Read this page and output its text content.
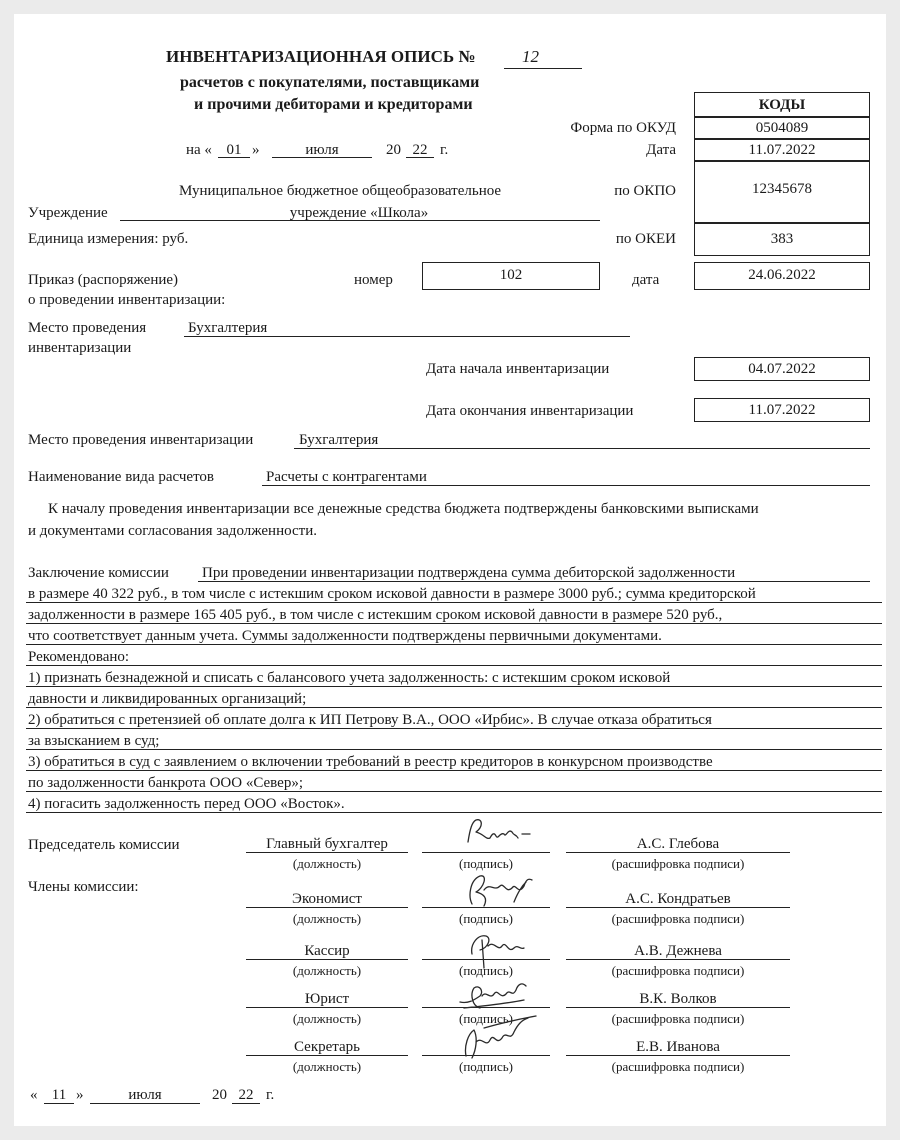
ИНВЕНТАРИЗАЦИОННАЯ ОПИСЬ №	12
расчетов с покупателями, поставщиками
и прочими дебиторами и кредиторами
на « 01 »	июля	20 22 г.
КОДЫ
Форма по ОКУД	0504089
Дата	11.07.2022
по ОКПО	12345678
по ОКЕИ	383
Муниципальное бюджетное общеобразовательное
Учреждение	учреждение «Школа»
Единица измерения: руб.
Приказ (распоряжение)
о проведении инвентаризации:
номер	102	дата	24.06.2022
Место проведения
инвентаризации
Бухгалтерия
Дата начала инвентаризации	04.07.2022
Дата окончания инвентаризации	11.07.2022
Место проведения инвентаризации	Бухгалтерия
Наименование вида расчетов	Расчеты с контрагентами
К началу проведения инвентаризации все денежные средства бюджета подтверждены банковскими выписками
и документами согласования задолженности.
Заключение комиссии При проведении инвентаризации подтверждена сумма дебиторской задолженности
в размере 40 322 руб., в том числе с истекшим сроком исковой давности в размере 3000 руб.; сумма кредиторской
задолженности в размере 165 405 руб., в том числе с истекшим сроком исковой давности в размере 520 руб.,
что соответствует данным учета. Суммы задолженности подтверждены первичными документами.
Рекомендовано:
1) признать безнадежной и списать с балансового учета задолженность: с истекшим сроком исковой
давности и ликвидированных организаций;
2) обратиться с претензией об оплате долга к ИП Петрову В.А., ООО «Ирбис». В случае отказа обратиться
за взысканием в суд;
3) обратиться в суд с заявлением о включении требований в реестр кредиторов в конкурсном производстве
по задолженности банкрота ООО «Север»;
4) погасить задолженность перед ООО «Восток».
Председатель комиссии
Члены комиссии:
Главный бухгалтер	А.С. Глебова
(должность)	(подпись)	(расшифровка подписи)
Экономист	А.С. Кондратьев
(должность)	(подпись)	(расшифровка подписи)
Кассир	А.В. Дежнева
(должность)	(подпись)	(расшифровка подписи)
Юрист	В.К. Волков
(должность)	(подпись)	(расшифровка подписи)
Секретарь	Е.В. Иванова
(должность)	(подпись)	(расшифровка подписи)
« 11 »	июля	20 22 г.
